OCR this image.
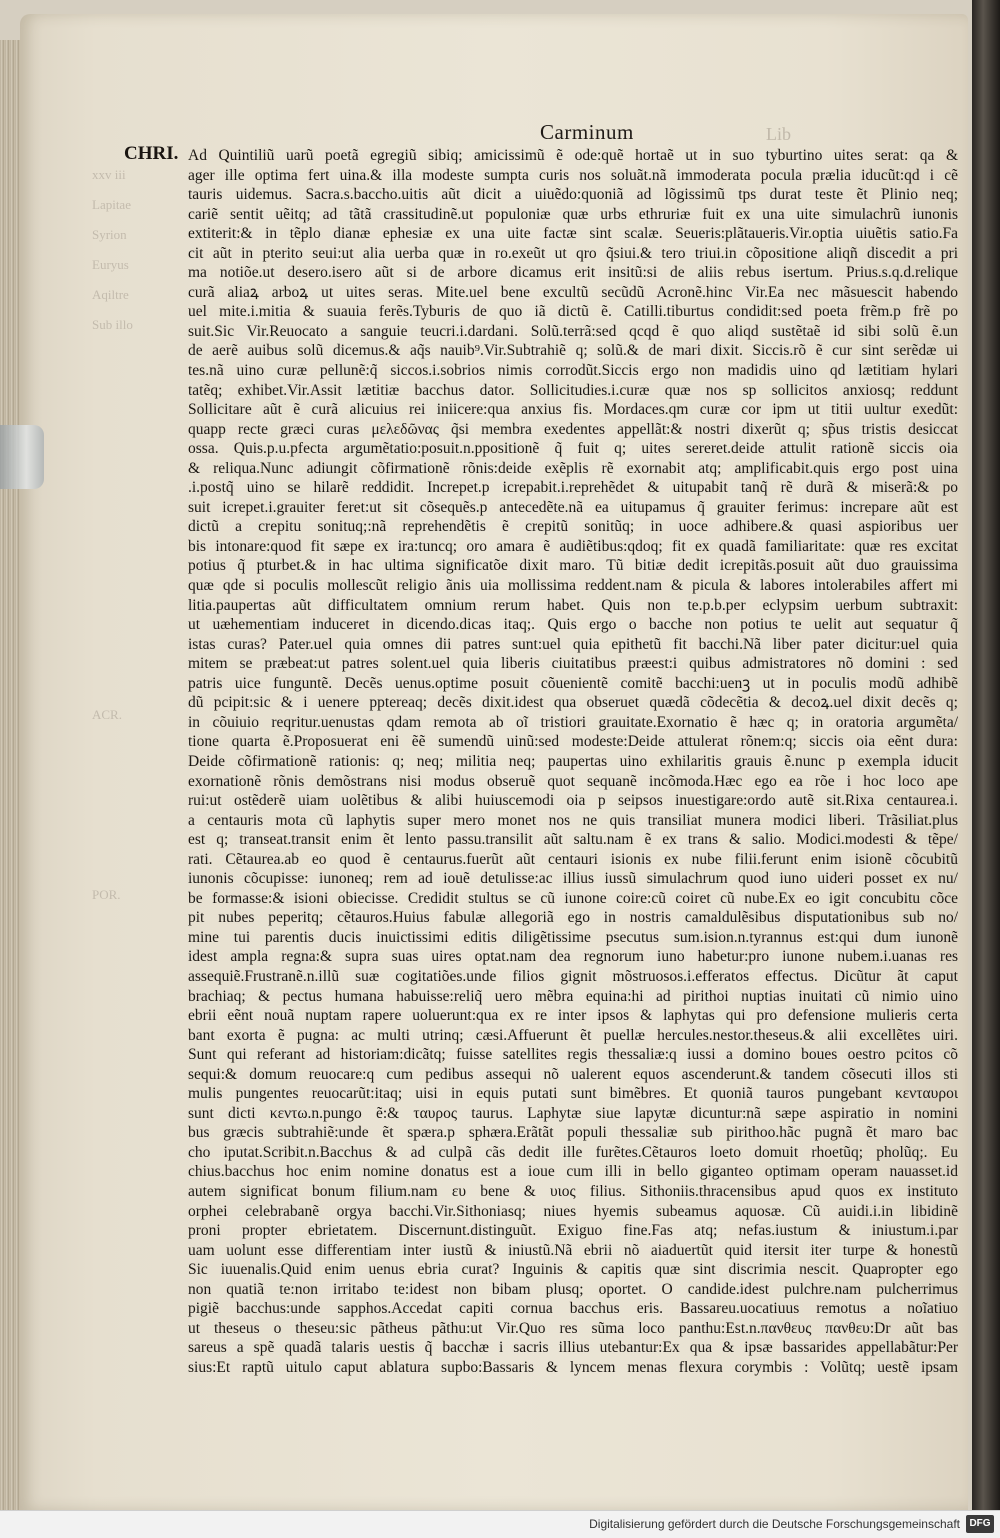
xxv iii
Lapitae
Syrion
Euryus
Aqiltre
Sub illo
ACR.
POR.
Lib
Carminum
CHRI. Ad Quintiliũ uarũ poetã egregiũ sibiq; amicissimũ ẽ ode:quẽ hortaẽ ut in suo tyburtino uites serat: qa &
ager ille optima fert uina.& illa modeste sumpta curis nos soluãt.nã immoderata pocula prælia iducũt:qd i cẽ
tauris uidemus. Sacra.s.baccho.uitis aũt dicit a uiuẽdo:quoniã ad lõgissimũ tps durat teste ẽt Plinio neq;
cariẽ sentit uẽitq; ad tãtã crassitudinẽ.ut populoniæ quæ urbs ethruriæ fuit ex una uite simulachrũ iunonis
extiterit:& in tẽplo dianæ ephesiæ ex una uite factæ sint scalæ. Seueris:plãtaueris.Vir.optia uiuẽtis satio.Fa
cit aũt in pterito seui:ut alia uerba quæ in ro.exeũt ut qro q̃siui.& tero triui.in cõpositione aliqñ discedit a pri
ma notiõe.ut desero.isero aũt si de arbore dicamus erit insitũ:si de aliis rebus isertum. Prius.s.q.d.relique
curã aliaꝝ arboꝝ ut uites seras. Mite.uel bene excultũ secũdũ Acronẽ.hinc Vir.Ea nec mãsuescit habendo
uel mite.i.mitia & suauia ferẽs.Tyburis de quo iã dictũ ẽ. Catilli.tiburtus condidit:sed poeta frẽm.p frẽ po
suit.Sic Vir.Reuocato a sanguie teucri.i.dardani. Solũ.terrã:sed qcqd ẽ quo aliqd sustẽtaẽ id sibi solũ ẽ.un
de aerẽ auibus solũ dicemus.& aq̃s nauib⁹.Vir.Subtrahiẽ q; solũ.& de mari dixit. Siccis.rõ ẽ cur sint serẽdæ ui
tes.nã uino curæ pellunẽ:q̃ siccos.i.sobrios nimis corrodũt.Siccis ergo non madidis uino qd lætitiam hylari
tatẽq; exhibet.Vir.Assit lætitiæ bacchus dator. Sollicitudies.i.curæ quæ nos sp sollicitos anxiosq; reddunt
Sollicitare aũt ẽ curã alicuius rei iniicere:qua anxius fis. Mordaces.qm curæ cor ipm ut titii uultur exedũt:
quapp recte græci curas μελεδῶνας q̃si membra exedentes appellãt:& nostri dixerũt q; sp̃us tristis desiccat
ossa. Quis.p.u.pfecta argumẽtatio:posuit.n.ppositionẽ q̃ fuit q; uites sereret.deide attulit rationẽ siccis oia
& reliqua.Nunc adiungit cõfirmationẽ rõnis:deide exẽplis rẽ exornabit atq; amplificabit.quis ergo post uina
.i.postq̃ uino se hilarẽ reddidit. Increpet.p icrepabit.i.reprehẽdet & uitupabit tanq̃ rẽ durã & miserã:& po
suit icrepet.i.grauiter feret:ut sit cõsequẽs.p antecedẽte.nã ea uitupamus q̃ grauiter ferimus: increpare aũt est
dictũ a crepitu sonituq;:nã reprehendẽtis ẽ crepitũ sonitũq; in uoce adhibere.& quasi aspioribus uer
bis intonare:quod fit sæpe ex ira:tuncq; oro amara ẽ audiẽtibus:qdoq; fit ex quadã familiaritate: quæ res excitat
potius q̃ pturbet.& in hac ultima significatõe dixit maro. Tũ bitiæ dedit icrepitãs.posuit aũt duo grauissima
quæ qde si poculis mollescũt religio ãnis uia mollissima reddent.nam & picula & labores intolerabiles affert mi
litia.paupertas aũt difficultatem omnium rerum habet. Quis non te.p.b.per eclypsim uerbum subtraxit:
ut uæhementiam induceret in dicendo.dicas itaq;. Quis ergo o bacche non potius te uelit aut sequatur q̃
istas curas? Pater.uel quia omnes dii patres sunt:uel quia epithetũ fit bacchi.Nã liber pater dicitur:uel quia
mitem se præbeat:ut patres solent.uel quia liberis ciuitatibus præest:i quibus admistratores nõ domini : sed
patris uice funguntẽ. Decẽs uenus.optime posuit cõuenientẽ comitẽ bacchi:uenꝫ ut in poculis modũ adhibẽ
dũ pcipit:sic & i uenere pptereaq; decẽs dixit.idest qua obseruet quædã cõdecẽtia & decoꝝ.uel dixit decẽs q;
in cõuiuio reqritur.uenustas qdam remota ab oĩ tristiori grauitate.Exornatio ẽ hæc q; in oratoria argumẽta/
tione quarta ẽ.Proposuerat eni ẽẽ sumendũ uinũ:sed modeste:Deide attulerat rõnem:q; siccis oia eẽnt dura:
Deide cõfirmationẽ rationis: q; neq; militia neq; paupertas uino exhilaritis grauis ẽ.nunc p exempla iducit
exornationẽ rõnis demõstrans nisi modus obseruẽ quot sequanẽ incõmoda.Hæc ego ea rõe i hoc loco ape
rui:ut ostẽderẽ uiam uolẽtibus & alibi huiuscemodi oia p seipsos inuestigare:ordo autẽ sit.Rixa centaurea.i.
a centauris mota cũ laphytis super mero monet nos ne quis transiliat munera modici liberi. Trãsiliat.plus
est q; transeat.transit enim ẽt lento passu.transilit aũt saltu.nam ẽ ex trans & salio. Modici.modesti & tẽpe/
rati. Cẽtaurea.ab eo quod ẽ centaurus.fuerũt aũt centauri isionis ex nube filii.ferunt enim isionẽ cõcubitũ
iunonis cõcupisse: iunoneq; rem ad iouẽ detulisse:ac illius iussũ simulachrum quod iuno uideri posset ex nu/
be formasse:& isioni obiecisse. Credidit stultus se cũ iunone coire:cũ coiret cũ nube.Ex eo igit concubitu cõce
pit nubes peperitq; cẽtauros.Huius fabulæ allegoriã ego in nostris camaldulẽsibus disputationibus sub no/
mine tui parentis ducis inuictissimi editis diligẽtissime psecutus sum.ision.n.tyrannus est:qui dum iunonẽ
idest ampla regna:& supra suas uires optat.nam dea regnorum iuno habetur:pro iunone nubem.i.uanas res
assequiẽ.Frustranẽ.n.illũ suæ cogitatiões.unde filios gignit mõstruosos.i.efferatos effectus. Dicũtur ãt caput
brachiaq; & pectus humana habuisse:reliq̃ uero mẽbra equina:hi ad pirithoi nuptias inuitati cũ nimio uino
ebrii eẽnt nouã nuptam rapere uoluerunt:qua ex re inter ipsos & laphytas qui pro defensione mulieris certa
bant exorta ẽ pugna: ac multi utrinq; cæsi.Affuerunt ẽt puellæ hercules.nestor.theseus.& alii excellẽtes uiri.
Sunt qui referant ad historiam:dicãtq; fuisse satellites regis thessaliæ:q iussi a domino boues oestro pcitos cõ
sequi:& domum reuocare:q cum pedibus assequi nõ ualerent equos ascenderunt.& tandem cõsecuti illos sti
mulis pungentes reuocarũt:itaq; uisi in equis putati sunt bimẽbres. Et quoniã tauros pungebant κενταυροι
sunt dicti κεντω.n.pungo ẽ:& ταυρος taurus. Laphytæ siue lapytæ dicuntur:nã sæpe aspiratio in nomini
bus græcis subtrahiẽ:unde ẽt spæra.p sphæra.Erãtãt populi thessaliæ sub pirithoo.hãc pugnã ẽt maro bac
cho iputat.Scribit.n.Bacchus & ad culpã cãs dedit ille furẽtes.Cẽtauros loeto domuit rhoetũq; pholũq;. Eu
chius.bacchus hoc enim nomine donatus est a ioue cum illi in bello giganteo optimam operam nauasset.id
autem significat bonum filium.nam ευ bene & υιος filius. Sithoniis.thracensibus apud quos ex instituto
orphei celebrabanẽ orgya bacchi.Vir.Sithoniasq; niues hyemis subeamus aquosæ. Cũ auidi.i.in libidinẽ
proni propter ebrietatem. Discernunt.distinguũt. Exiguo fine.Fas atq; nefas.iustum & iniustum.i.par
uam uolunt esse differentiam inter iustũ & iniustũ.Nã ebrii nõ aiaduertũt quid itersit iter turpe & honestũ
Sic iuuenalis.Quid enim uenus ebria curat? Inguinis & capitis quæ sint discrimia nescit. Quapropter ego
non quatiã te:non irritabo te:idest non bibam plusq; oportet. O candide.idest pulchre.nam pulcherrimus
pigiẽ bacchus:unde sapphos.Accedat capiti cornua bacchus eris. Bassareu.uocatiuus remotus a noĩatiuo
ut theseus o theseu:sic pãtheus pãthu:ut Vir.Quo res sũma loco panthu:Est.n.πανθευς πανθευ:Dr aũt bas
sareus a spẽ quadã talaris uestis q̃ bacchæ i sacris illius utebantur:Ex qua & ipsæ bassarides appellabãtur:Per
sius:Et raptũ uitulo caput ablatura supbo:Bassaris & lyncem menas flexura corymbis : Volũtq; uestẽ ipsam
Digitalisierung gefördert durch die Deutsche Forschungsgemeinschaft DFG
